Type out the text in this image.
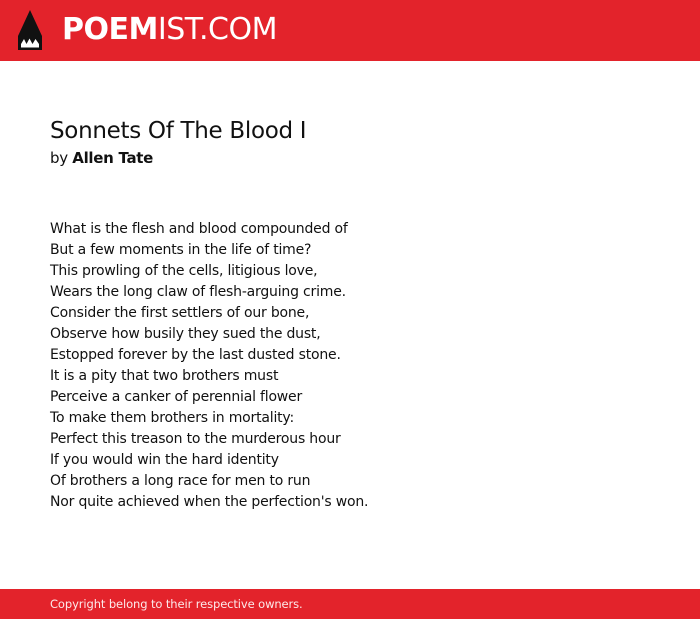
POEMIST.COM
Sonnets Of The Blood I
by Allen Tate
What is the flesh and blood compounded of
But a few moments in the life of time?
This prowling of the cells, litigious love,
Wears the long claw of flesh-arguing crime.
Consider the first settlers of our bone,
Observe how busily they sued the dust,
Estopped forever by the last dusted stone.
It is a pity that two brothers must
Perceive a canker of perennial flower
To make them brothers in mortality:
Perfect this treason to the murderous hour
If you would win the hard identity
Of brothers a long race for men to run
Nor quite achieved when the perfection's won.
Copyright belong to their respective owners.
